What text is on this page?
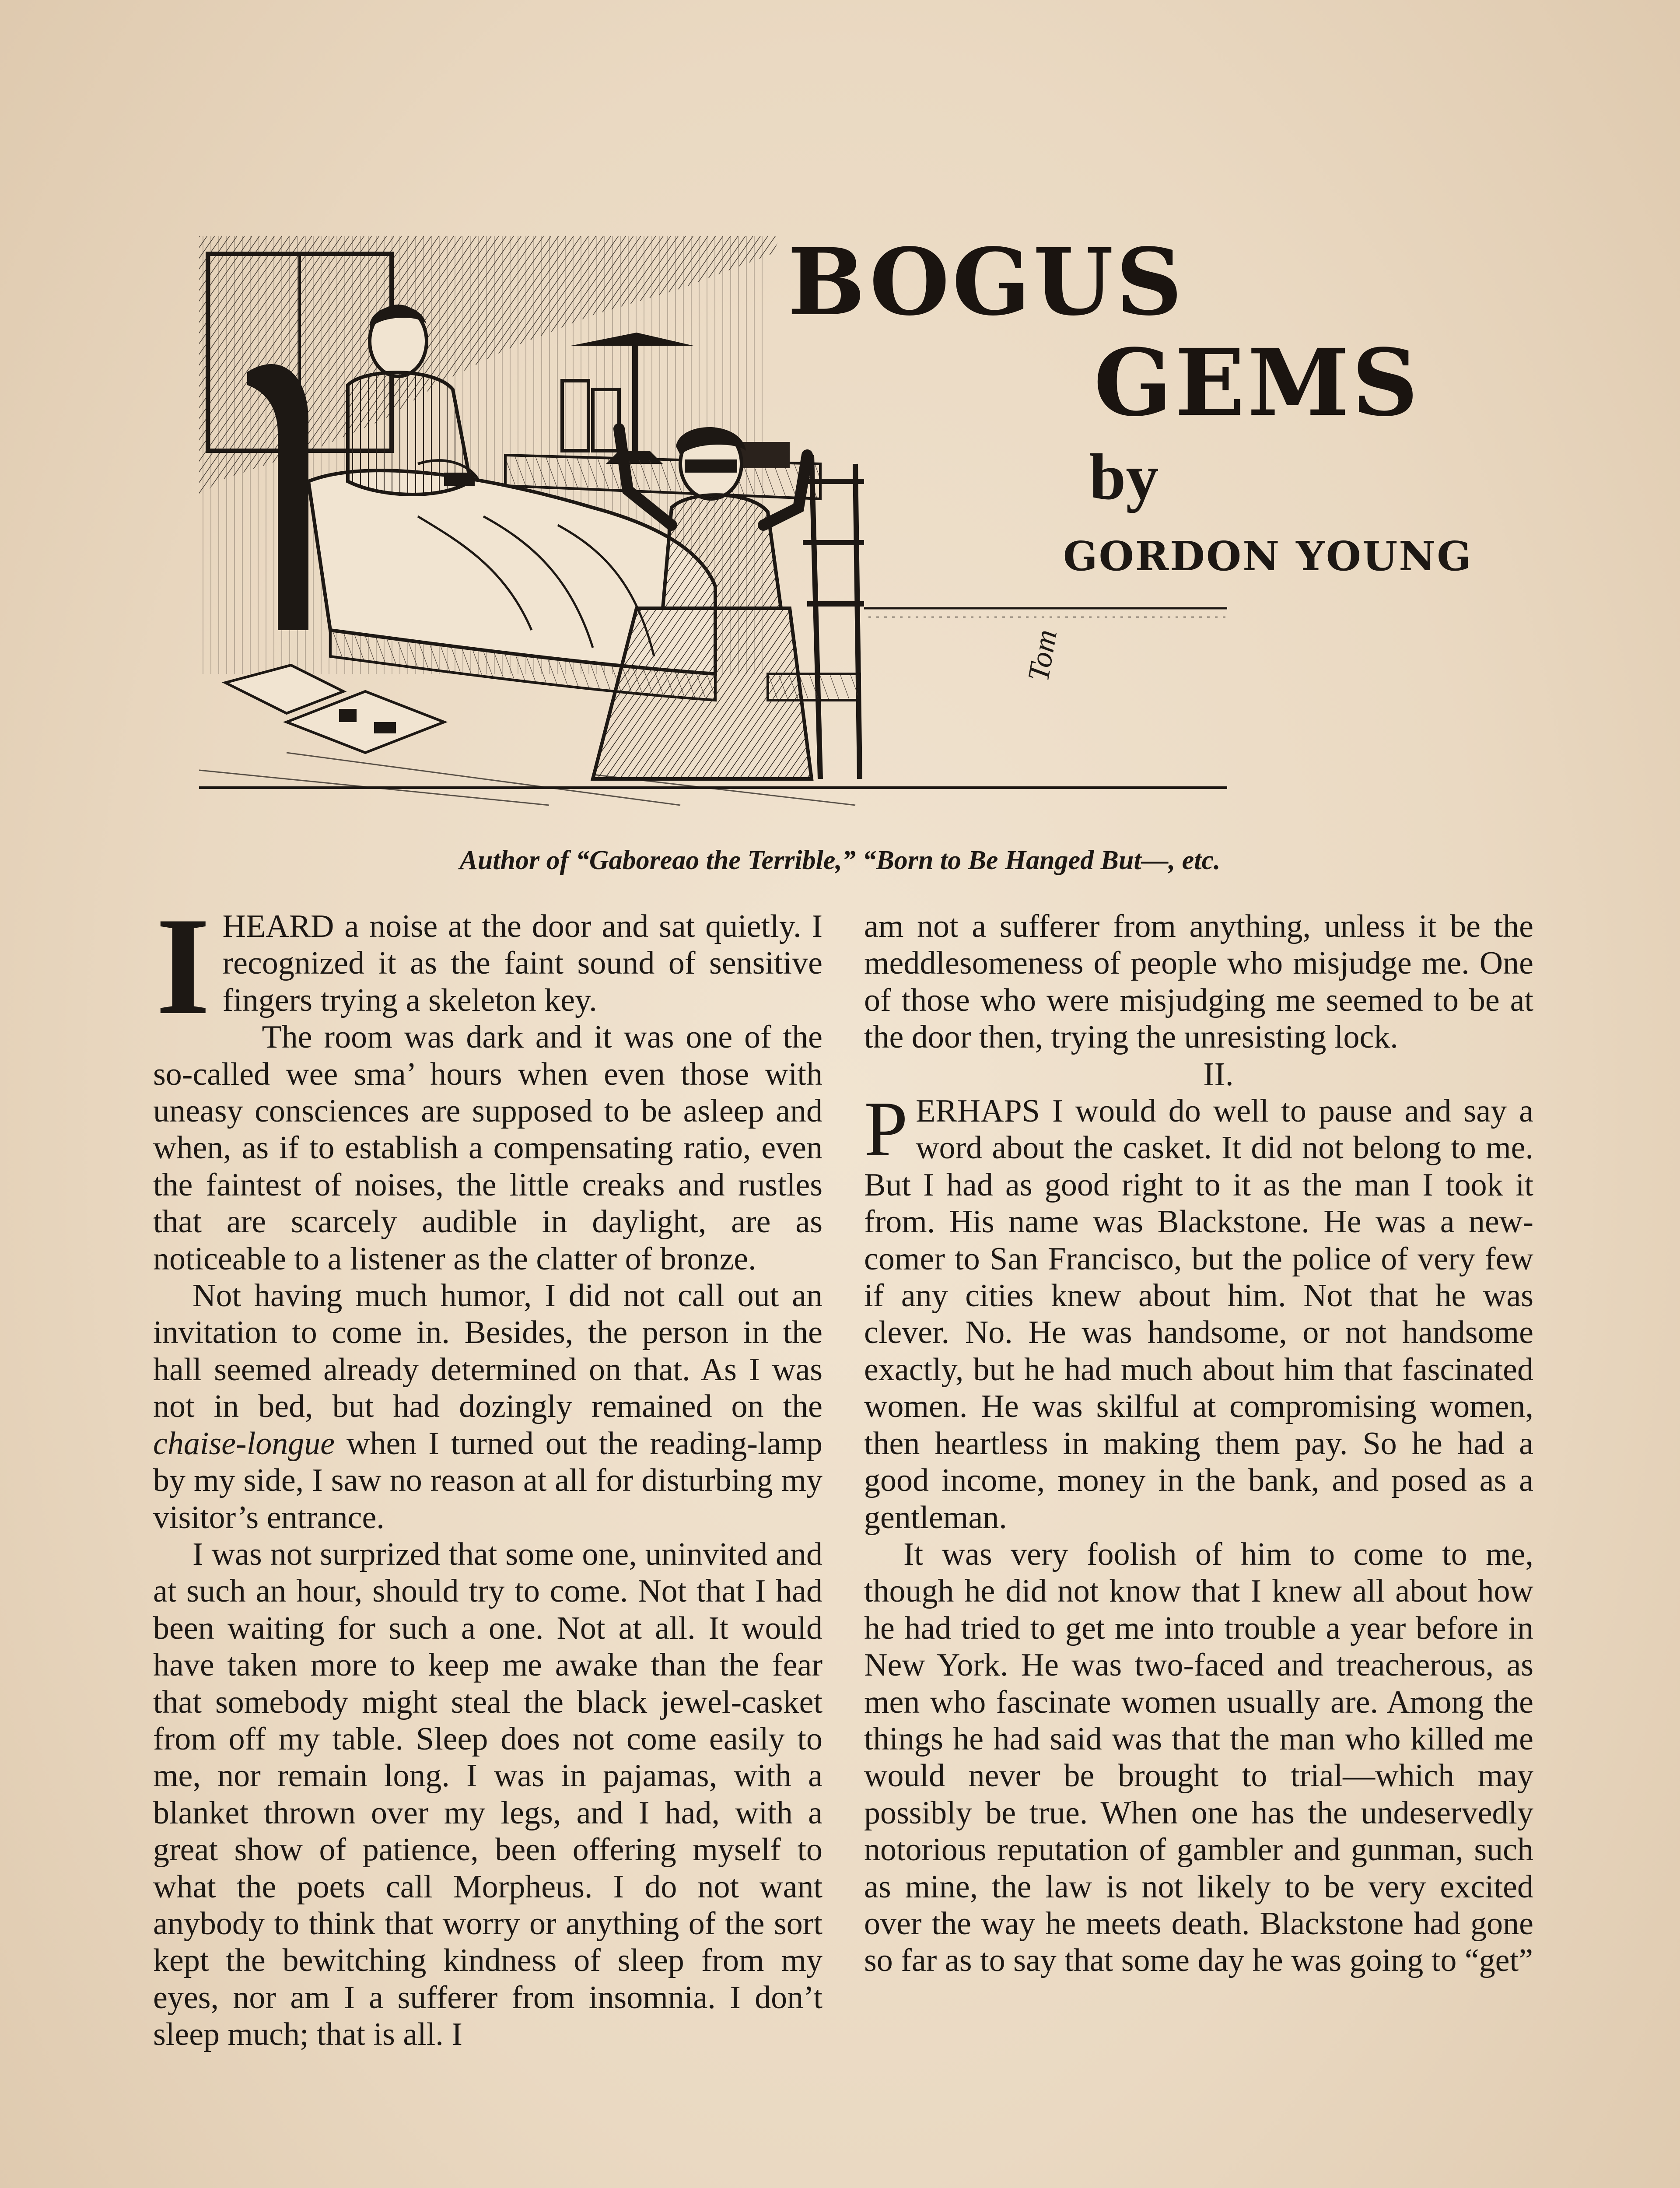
Tom
BOGUS
GEMS
by
GORDON YOUNG
Author of “Gaboreao the Terrible,” “Born to Be Hanged But—, etc.

I HEARD a noise at the door and sat quietly. I recognized it as the faint sound of sensitive fingers trying a skeleton key.

The room was dark and it was one of the so-called wee sma’ hours when even those with uneasy consciences are supposed to be asleep and when, as if to establish a compensating ratio, even the faintest of noises, the little creaks and rustles that are scarcely audible in daylight, are as noticeable to a listener as the clatter of bronze.

Not having much humor, I did not call out an invitation to come in. Besides, the person in the hall seemed already determined on that. As I was not in bed, but had dozingly remained on the chaise-longue when I turned out the reading-lamp by my side, I saw no reason at all for disturbing my visitor’s entrance.

I was not surprized that some one, uninvited and at such an hour, should try to come. Not that I had been waiting for such a one. Not at all. It would have taken more to keep me awake than the fear that somebody might steal the black jewel-casket from off my table. Sleep does not come easily to me, nor remain long. I was in pajamas, with a blanket thrown over my legs, and I had, with a great show of patience, been offering myself to what the poets call Morpheus. I do not want anybody to think that worry or anything of the sort kept the bewitching kindness of sleep from my eyes, nor am I a sufferer from insomnia. I don’t sleep much; that is all. I

am not a sufferer from anything, unless it be the meddlesomeness of people who misjudge me. One of those who were misjudging me seemed to be at the door then, trying the unresisting lock.

II.

PERHAPS I would do well to pause and say a word about the casket. It did not belong to me. But I had as good right to it as the man I took it from. His name was Blackstone. He was a newcomer to San Francisco, but the police of very few if any cities knew about him. Not that he was clever. No. He was handsome, or not handsome exactly, but he had much about him that fascinated women. He was skilful at compromising women, then heartless in making them pay. So he had a good income, money in the bank, and posed as a gentleman.

It was very foolish of him to come to me, though he did not know that I knew all about how he had tried to get me into trouble a year before in New York. He was two-faced and treacherous, as men who fascinate women usually are. Among the things he had said was that the man who killed me would never be brought to trial—which may possibly be true. When one has the undeservedly notorious reputation of gambler and gunman, such as mine, the law is not likely to be very excited over the way he meets death. Blackstone had gone so far as to say that some day he was going to “get”
